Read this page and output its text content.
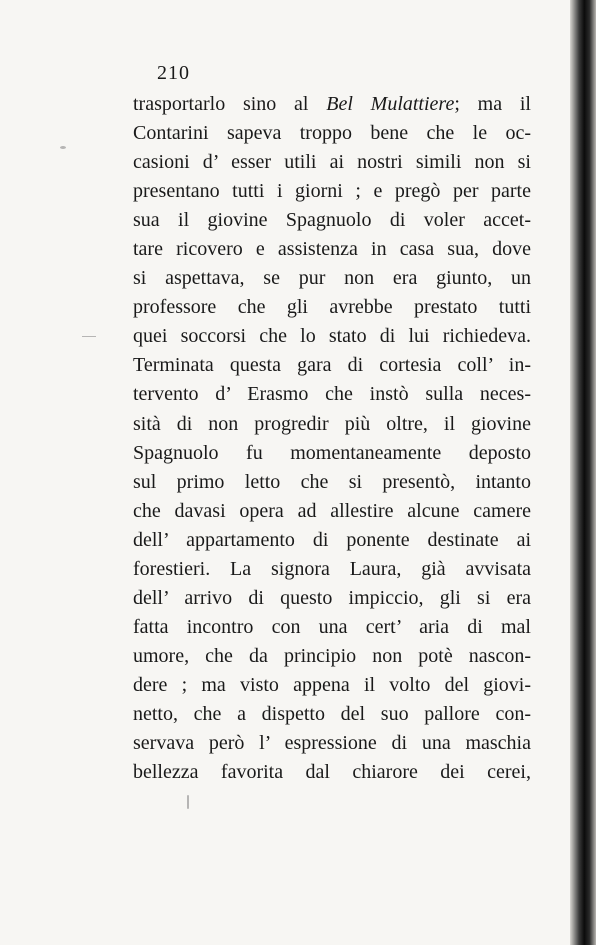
210
trasportarlo sino al Bel Mulattiere; ma il
Contarini sapeva troppo bene che le oc-
casioni d’ esser utili ai nostri simili non si
presentano tutti i giorni ; e pregò per parte
sua il giovine Spagnuolo di voler accet-
tare ricovero e assistenza in casa sua, dove
si aspettava, se pur non era giunto, un
professore che gli avrebbe prestato tutti
quei soccorsi che lo stato di lui richiedeva.
Terminata questa gara di cortesia coll’ in-
tervento d’ Erasmo che instò sulla neces-
sità di non progredir più oltre, il giovine
Spagnuolo fu momentaneamente deposto
sul primo letto che si presentò, intanto
che davasi opera ad allestire alcune camere
dell’ appartamento di ponente destinate ai
forestieri. La signora Laura, già avvisata
dell’ arrivo di questo impiccio, gli si era
fatta incontro con una cert’ aria di mal
umore, che da principio non potè nascon-
dere ; ma visto appena il volto del giovi-
netto, che a dispetto del suo pallore con-
servava però l’ espressione di una maschia
bellezza favorita dal chiarore dei cerei,
